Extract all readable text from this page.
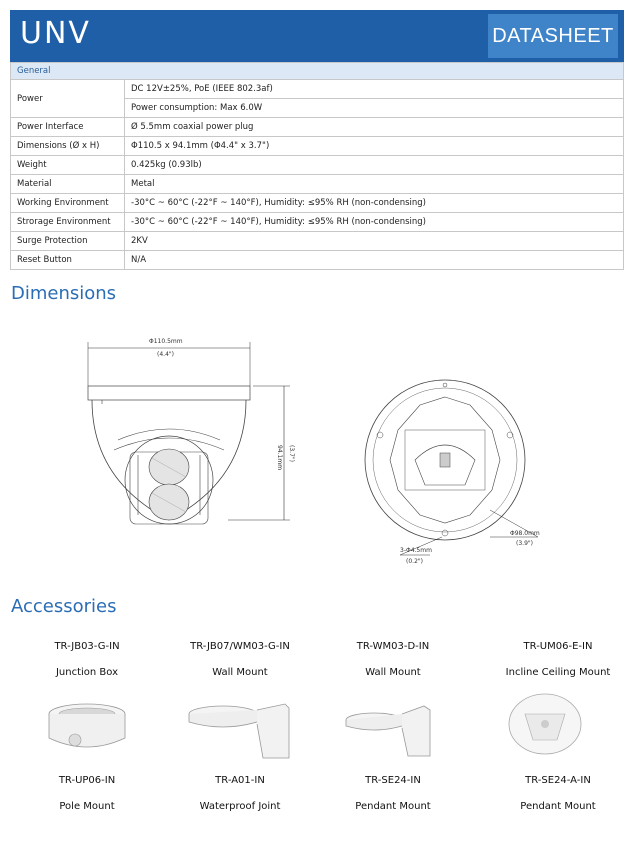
UNV	DATASHEET
General	
Power	DC 12V±25%, PoE (IEEE 802.3af)
	Power consumption: Max 6.0W
Power Interface	Ø 5.5mm coaxial power plug
Dimensions (Ø x H)	Φ110.5 x 94.1mm (Φ4.4" x 3.7")
Weight	0.425kg (0.93lb)
Material	Metal
Working Environment	-30°C ~ 60°C (-22°F ~ 140°F), Humidity: ≤95% RH (non-condensing)
Strorage Environment	-30°C ~ 60°C (-22°F ~ 140°F), Humidity: ≤95% RH (non-condensing)
Surge Protection	2KV
Reset Button	N/A
Dimensions
Φ110.5mm
(4.4")
94.1mm (3.7")
Φ98.0mm
(3.9")
3-Φ4.5mm
(0.2")
Accessories
TR-JB03-G-IN	TR-JB07/WM03-G-IN	TR-WM03-D-IN	TR-UM06-E-IN
Junction Box	Wall Mount	Wall Mount	Incline Ceiling Mount
TR-UP06-IN	TR-A01-IN	TR-SE24-IN	TR-SE24-A-IN
Pole Mount	Waterproof Joint	Pendant Mount	Pendant Mount
